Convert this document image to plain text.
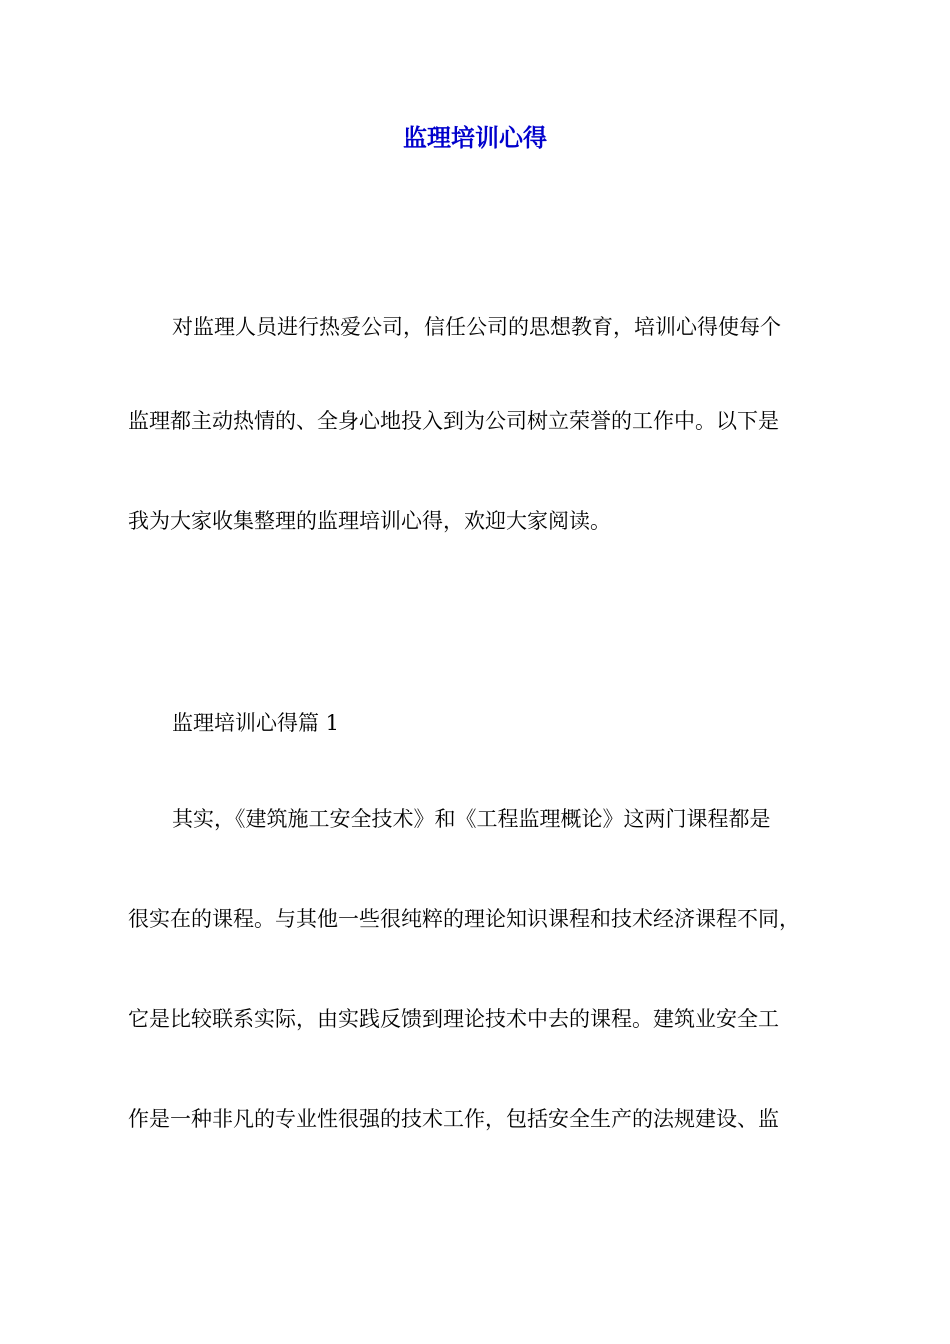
监理培训心得
对监理人员进行热爱公司，信任公司的思想教育，培训心得使每个
监理都主动热情的、全身心地投入到为公司树立荣誉的工作中。以下是
我为大家收集整理的监理培训心得，欢迎大家阅读。
监理培训心得篇 1
其实，《建筑施工安全技术》和《工程监理概论》这两门课程都是
很实在的课程。与其他一些很纯粹的理论知识课程和技术经济课程不同，
它是比较联系实际，由实践反馈到理论技术中去的课程。建筑业安全工
作是一种非凡的专业性很强的技术工作，包括安全生产的法规建设、监
